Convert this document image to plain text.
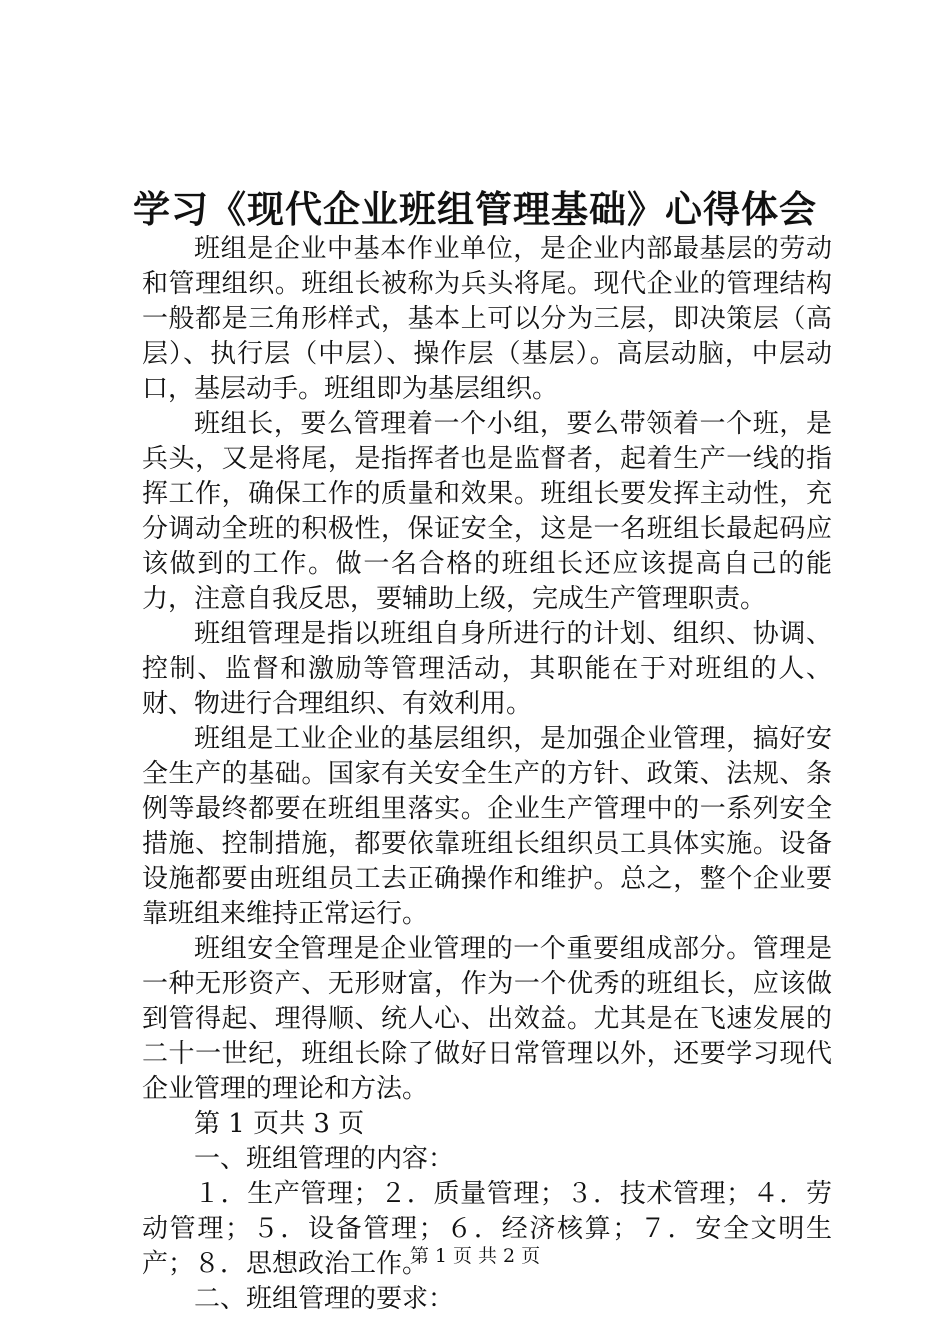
学习《现代企业班组管理基础》心得体会

班组是企业中基本作业单位，是企业内部最基层的劳动和管理组织。班组长被称为兵头将尾。现代企业的管理结构一般都是三角形样式，基本上可以分为三层，即决策层（高层）、执行层（中层）、操作层（基层）。高层动脑，中层动口，基层动手。班组即为基层组织。

班组长，要么管理着一个小组，要么带领着一个班，是兵头，又是将尾，是指挥者也是监督者，起着生产一线的指挥工作，确保工作的质量和效果。班组长要发挥主动性，充分调动全班的积极性，保证安全，这是一名班组长最起码应该做到的工作。做一名合格的班组长还应该提高自己的能力，注意自我反思，要辅助上级，完成生产管理职责。

班组管理是指以班组自身所进行的计划、组织、协调、控制、监督和激励等管理活动，其职能在于对班组的人、财、物进行合理组织、有效利用。

班组是工业企业的基层组织，是加强企业管理，搞好安全生产的基础。国家有关安全生产的方针、政策、法规、条例等最终都要在班组里落实。企业生产管理中的一系列安全措施、控制措施，都要依靠班组长组织员工具体实施。设备设施都要由班组员工去正确操作和维护。总之，整个企业要靠班组来维持正常运行。

班组安全管理是企业管理的一个重要组成部分。管理是一种无形资产、无形财富，作为一个优秀的班组长，应该做到管得起、理得顺、统人心、出效益。尤其是在飞速发展的二十一世纪，班组长除了做好日常管理以外，还要学习现代企业管理的理论和方法。

第 1 页共 3 页

一、班组管理的内容：

１．生产管理；２．质量管理；３．技术管理；４．劳动管理；５．设备管理；６．经济核算；７．安全文明生产；８．思想政治工作。

二、班组管理的要求：

第 1 页 共 2 页
